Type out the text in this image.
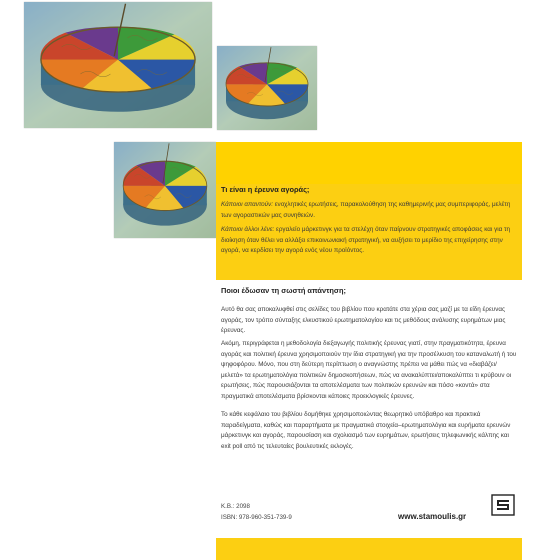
Τι είναι η έρευνα αγοράς;

Κάποιοι απαντούν: ενοχλητικές ερωτήσεις, παρακολούθηση της καθημερινής μας συμπεριφοράς, μελέτη των αγοραστικών μας συνηθειών.

Κάποιοι άλλοι λένε: εργαλείο μάρκετινγκ για τα στελέχη όταν παίρνουν στρατηγικές αποφάσεις και για τη διοίκηση όταν θέλει να αλλάξει επικοινωνιακή στρατηγική, να αυξήσει το μερίδιο της επιχείρησης στην αγορά, να κερδίσει την αγορά ενός νέου προϊόντος.

Ποιοι έδωσαν τη σωστή απάντηση;

Αυτό θα σας αποκαλυφθεί στις σελίδες του βιβλίου που κρατάτε στα χέρια σας μαζί με τα είδη έρευνας αγοράς, τον τρόπο σύνταξης ελκυστικού ερωτηματολογίου και τις μεθόδους ανάλυσης ευρημάτων μιας έρευνας.

Ακόμη, περιγράφεται η μεθοδολογία διεξαγωγής πολιτικής έρευνας γιατί, στην πραγματικότητα, έρευνα αγοράς και πολιτική έρευνα χρησιμοποιούν την ίδια στρατηγική για την προσέλκυση του καταναλωτή ή του ψηφοφόρου. Μόνο, που στη δεύτερη περίπτωση ο αναγνώστης πρέπει να μάθει πώς να «διαβάζει/μελετά» τα ερωτηματολόγια πολιτικών δημοσκοπήσεων, πώς να ανακαλύπτει/αποκαλύπτει τι κρύβουν οι ερωτήσεις, πώς παρουσιάζονται τα αποτελέσματα των πολιτικών ερευνών και πόσο «κοντά» στα πραγματικά αποτελέσματα βρίσκονται κάποιες προεκλογικές έρευνες.

Το κάθε κεφάλαιο του βιβλίου δομήθηκε χρησιμοποιώντας θεωρητικό υπόβαθρο και πρακτικά παραδείγματα, καθώς και παραρτήματα με πραγματικά στοιχεία–ερωτηματολόγια και ευρήματα ερευνών μάρκετινγκ και αγοράς, παρουσίαση και σχολιασμό των ευρημάτων, ερωτήσεις τηλεφωνικής κάλπης και exit poll από τις τελευταίες βουλευτικές εκλογές.

Κ.Β.: 2098

ISBN: 978-960-351-739-9	www.stamoulis.gr
